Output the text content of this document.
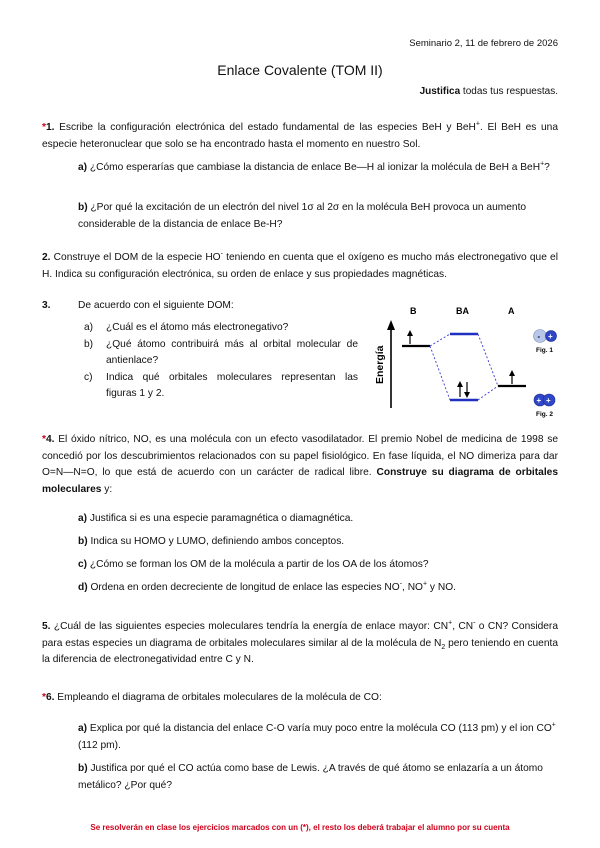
Seminario 2, 11 de febrero de 2026
Enlace Covalente (TOM II)
Justifica todas tus respuestas.
*1. Escribe la configuración electrónica del estado fundamental de las especies BeH y BeH+. El BeH es una especie heteronuclear que solo se ha encontrado hasta el momento en nuestro Sol.
a) ¿Cómo esperarías que cambiase la distancia de enlace Be—H al ionizar la molécula de BeH a BeH+?
b) ¿Por qué la excitación de un electrón del nivel 1σ al 2σ en la molécula BeH provoca un aumento considerable de la distancia de enlace Be-H?
2. Construye el DOM de la especie HO- teniendo en cuenta que el oxígeno es mucho más electronegativo que el H. Indica su configuración electrónica, su orden de enlace y sus propiedades magnéticas.
3.	De acuerdo con el siguiente DOM:
a)	¿Cuál es el átomo más electronegativo?
b)	¿Qué átomo contribuirá más al orbital molecular de antienlace?
c)	Indica qué orbitales moleculares representan las figuras 1 y 2.
B	BA	A
Energía
- +
Fig. 1
+ +
Fig. 2
*4. El óxido nítrico, NO, es una molécula con un efecto vasodilatador. El premio Nobel de medicina de 1998 se concedió por los descubrimientos relacionados con su papel fisiológico. En fase líquida, el NO dimeriza para dar O=N—N=O, lo que está de acuerdo con un carácter de radical libre. Construye su diagrama de orbitales moleculares y:
a) Justifica si es una especie paramagnética o diamagnética.
b) Indica su HOMO y LUMO, definiendo ambos conceptos.
c) ¿Cómo se forman los OM de la molécula a partir de los OA de los átomos?
d) Ordena en orden decreciente de longitud de enlace las especies NO-, NO+ y NO.
5. ¿Cuál de las siguientes especies moleculares tendría la energía de enlace mayor: CN+, CN- o CN? Considera para estas especies un diagrama de orbitales moleculares similar al de la molécula de $N_2$ pero teniendo en cuenta la diferencia de electronegatividad entre C y N.
*6. Empleando el diagrama de orbitales moleculares de la molécula de CO:
a) Explica por qué la distancia del enlace C-O varía muy poco entre la molécula CO (113 pm) y el ion CO+ (112 pm).
b) Justifica por qué el CO actúa como base de Lewis. ¿A través de qué átomo se enlazaría a un átomo metálico? ¿Por qué?
Se resolverán en clase los ejercicios marcados con un (*), el resto los deberá trabajar el alumno por su cuenta
